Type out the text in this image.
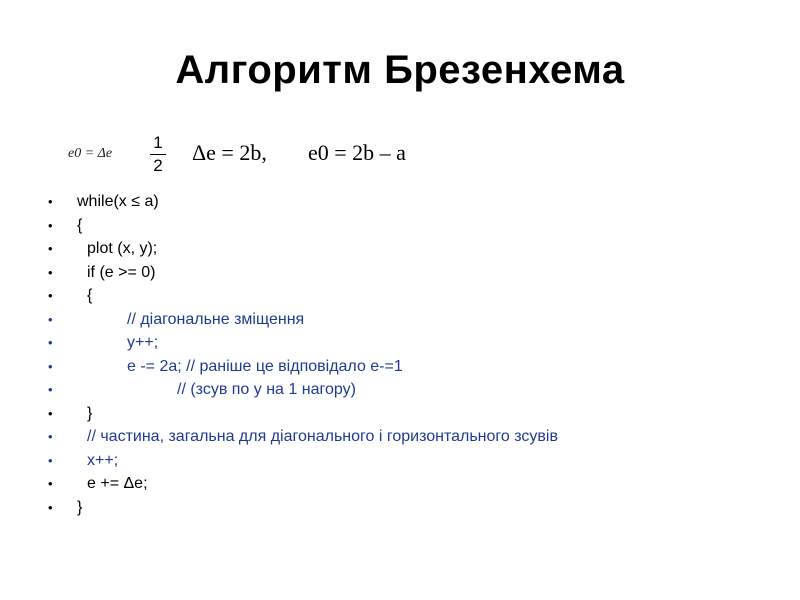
Алгоритм Брезенхема
e0 = Δe
1
2
Δe = 2b, e0 = 2b – a
• while(x ≤ a)
• {
• plot (x, y);
• if (e >= 0)
• {
•	// діагональне зміщення
•	y++;
•	e -= 2a; // раніше це відповідало e-=1
•	// (зсув по y на 1 нагору)
• }
• // частина, загальна для діагонального і горизонтального зсувів
• x++;
• e += Δe;
• }
